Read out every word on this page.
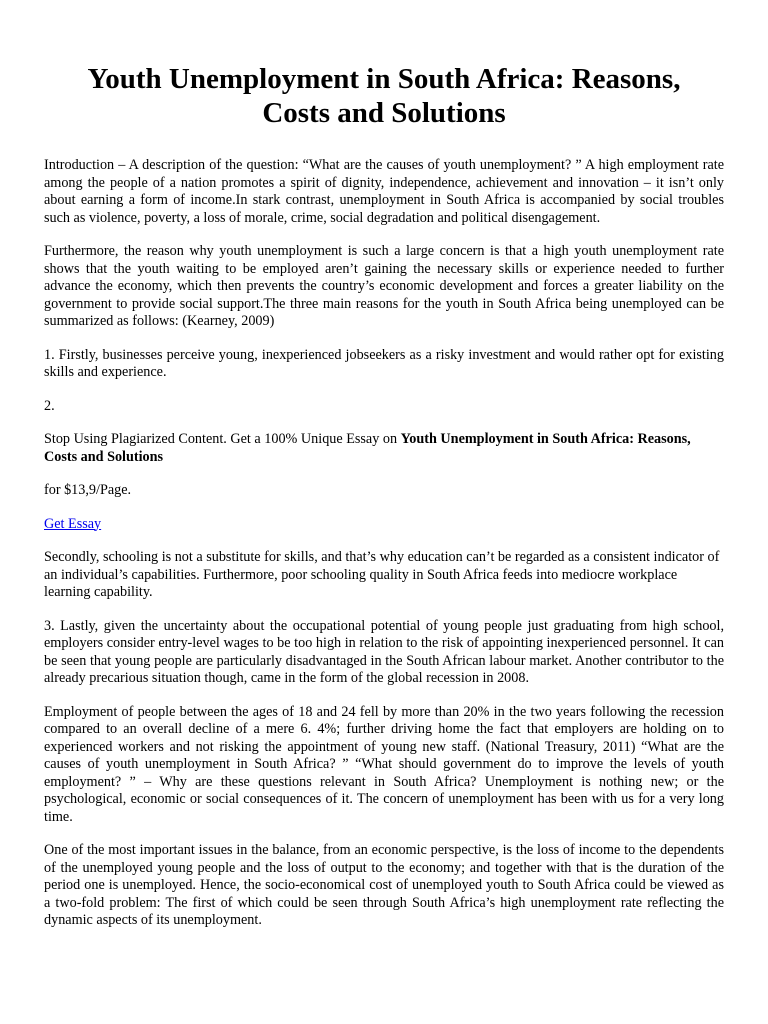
Youth Unemployment in South Africa: Reasons, Costs and Solutions

Introduction – A description of the question: “What are the causes of youth unemployment? ” A high employment rate among the people of a nation promotes a spirit of dignity, independence, achievement and innovation – it isn’t only about earning a form of income.In stark contrast, unemployment in South Africa is accompanied by social troubles such as violence, poverty, a loss of morale, crime, social degradation and political disengagement.

Furthermore, the reason why youth unemployment is such a large concern is that a high youth unemployment rate shows that the youth waiting to be employed aren’t gaining the necessary skills or experience needed to further advance the economy, which then prevents the country’s economic development and forces a greater liability on the government to provide social support.The three main reasons for the youth in South Africa being unemployed can be summarized as follows: (Kearney, 2009)

1. Firstly, businesses perceive young, inexperienced jobseekers as a risky investment and would rather opt for existing skills and experience.

2.

Stop Using Plagiarized Content. Get a 100% Unique Essay on Youth Unemployment in South Africa: Reasons, Costs and Solutions

for $13,9/Page.

Get Essay

Secondly, schooling is not a substitute for skills, and that’s why education can’t be regarded as a consistent indicator of an individual’s capabilities. Furthermore, poor schooling quality in South Africa feeds into mediocre workplace learning capability.

3. Lastly, given the uncertainty about the occupational potential of young people just graduating from high school, employers consider entry-level wages to be too high in relation to the risk of appointing inexperienced personnel. It can be seen that young people are particularly disadvantaged in the South African labour market. Another contributor to the already precarious situation though, came in the form of the global recession in 2008.

Employment of people between the ages of 18 and 24 fell by more than 20% in the two years following the recession compared to an overall decline of a mere 6. 4%; further driving home the fact that employers are holding on to experienced workers and not risking the appointment of young new staff. (National Treasury, 2011) “What are the causes of youth unemployment in South Africa? ” “What should government do to improve the levels of youth employment? ” – Why are these questions relevant in South Africa? Unemployment is nothing new; or the psychological, economic or social consequences of it. The concern of unemployment has been with us for a very long time.

One of the most important issues in the balance, from an economic perspective, is the loss of income to the dependents of the unemployed young people and the loss of output to the economy; and together with that is the duration of the period one is unemployed. Hence, the socio-economical cost of unemployed youth to South Africa could be viewed as a two-fold problem: The first of which could be seen through South Africa’s high unemployment rate reflecting the dynamic aspects of its unemployment.
